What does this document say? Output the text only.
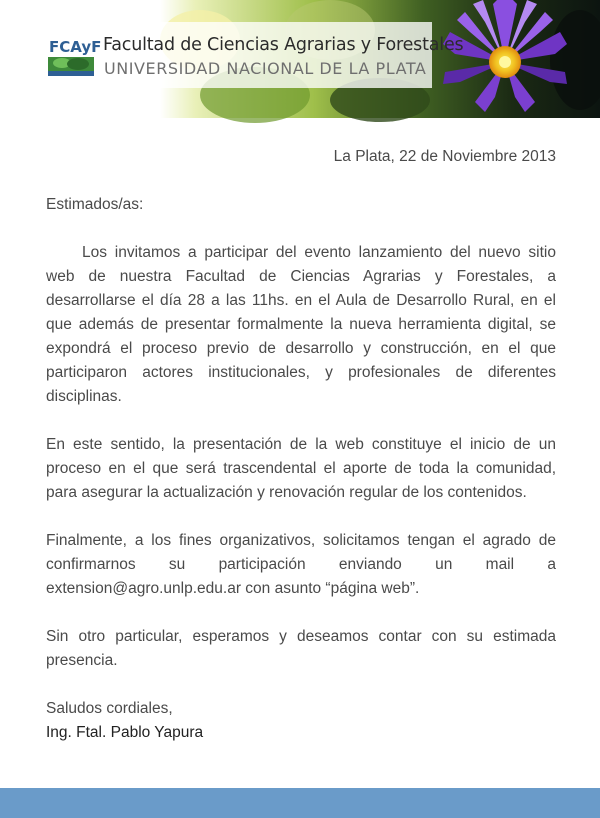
FCAyF Facultad de Ciencias Agrarias y Forestales

UNIVERSIDAD NACIONAL DE LA PLATA

La Plata, 22 de Noviembre 2013

Estimados/as:

Los invitamos a participar del evento lanzamiento del nuevo sitio web de nuestra Facultad de Ciencias Agrarias y Forestales, a desarrollarse el día 28 a las 11hs. en el Aula de Desarrollo Rural, en el que además de presentar formalmente la nueva herramienta digital, se expondrá el proceso previo de desarrollo y construcción, en el que participaron actores institucionales, y profesionales de diferentes disciplinas.

En este sentido, la presentación de la web constituye el inicio de un proceso en el que será trascendental el aporte de toda la comunidad, para asegurar la actualización y renovación regular de los contenidos.

Finalmente, a los fines organizativos, solicitamos tengan el agrado de confirmarnos su participación enviando un mail a extension@agro.unlp.edu.ar con asunto “página web”.

Sin otro particular, esperamos y deseamos contar con su estimada presencia.

Saludos cordiales,

Ing. Ftal. Pablo Yapura
